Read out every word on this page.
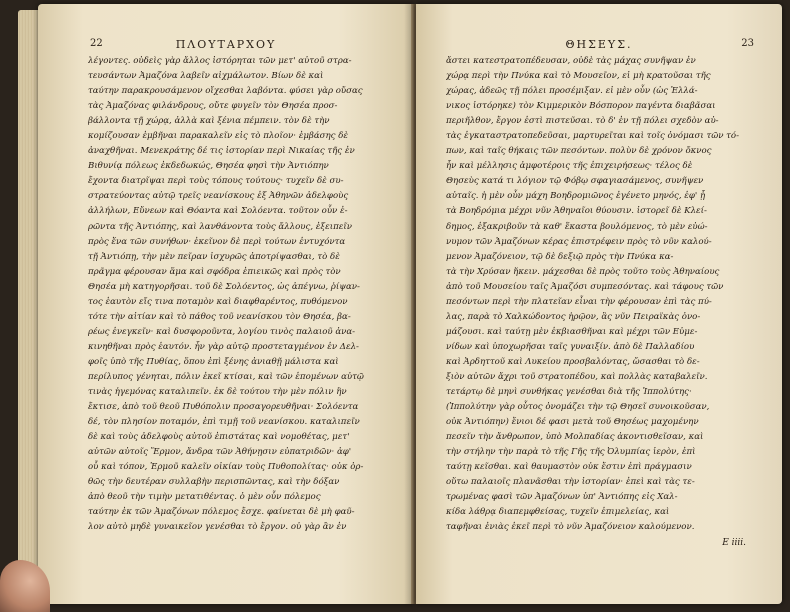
22	ΠΛΟΥΤΑΡΧΟΥ
λέγοντες. οὐδεὶς γὰρ ἄλλος ἱστόρηται τῶν μετ' αὐτοῦ στρα-
τευσάντων Ἀμαζόνα λαβεῖν αἰχμάλωτον. Βίων δὲ καὶ
ταύτην παρακρουσάμενον οἴχεσθαι λαβόντα. φύσει γὰρ οὔσας
τὰς Ἀμαζόνας φιλάνδρους, οὔτε φυγεῖν τὸν Θησέα προσ-
βάλλοντα τῇ χώρᾳ, ἀλλὰ καὶ ξένια πέμπειν. τὸν δὲ τὴν
κομίζουσαν ἐμβῆναι παρακαλεῖν εἰς τὸ πλοῖον· ἐμβάσης δὲ
ἀναχθῆναι. Μενεκράτης δέ τις ἱστορίαν περὶ Νικαίας τῆς ἐν
Βιθυνίᾳ πόλεως ἐκδεδωκώς, Θησέα φησὶ τὴν Ἀντιόπην
ἔχοντα διατρῖψαι περὶ τοὺς τόπους τούτους· τυχεῖν δὲ συ-
στρατεύοντας αὐτῷ τρεῖς νεανίσκους ἐξ Ἀθηνῶν ἀδελφοὺς
ἀλλήλων, Εὔνεων καὶ Θόαντα καὶ Σολόεντα. τοῦτον οὖν ἐ-
ρῶντα τῆς Ἀντιόπης, καὶ λανθάνοντα τοὺς ἄλλους, ἐξειπεῖν
πρὸς ἕνα τῶν συνήθων· ἐκεῖνον δὲ περὶ τούτων ἐντυχόντα
τῇ Ἀντιόπῃ, τὴν μὲν πεῖραν ἰσχυρῶς ἀποτρίψασθαι, τὸ δὲ
πρᾶγμα φέρουσαν ἅμα καὶ σφόδρα ἐπιεικῶς καὶ πρὸς τὸν
Θησέα μὴ κατηγορῆσαι. τοῦ δὲ Σολόεντος, ὡς ἀπέγνω, ῥίψαν-
τος ἑαυτὸν εἴς τινα ποταμὸν καὶ διαφθαρέντος, πυθόμενον
τότε τὴν αἰτίαν καὶ τὸ πάθος τοῦ νεανίσκου τὸν Θησέα, βα-
ρέως ἐνεγκεῖν· καὶ δυσφοροῦντα, λογίου τινὸς παλαιοῦ ἀνα-
κινηθῆναι πρὸς ἑαυτόν. ἦν γὰρ αὐτῷ προστεταγμένον ἐν Δελ-
φοῖς ὑπὸ τῆς Πυθίας, ὅπου ἐπὶ ξένης ἀνιαθῇ μάλιστα καὶ
περίλυπος γένηται, πόλιν ἐκεῖ κτίσαι, καὶ τῶν ἑπομένων αὐτῷ
τινὰς ἡγεμόνας καταλιπεῖν. ἐκ δὲ τούτου τὴν μὲν πόλιν ἣν
ἔκτισε, ἀπὸ τοῦ θεοῦ Πυθόπολιν προσαγορευθῆναι· Σολόεντα
δέ, τὸν πλησίον ποταμόν, ἐπὶ τιμῇ τοῦ νεανίσκου. καταλιπεῖν
δὲ καὶ τοὺς ἀδελφοὺς αὐτοῦ ἐπιστάτας καὶ νομοθέτας, μετ'
αὐτῶν αὐτοῖς Ἕρμον, ἄνδρα τῶν Ἀθήνῃσιν εὐπατριδῶν· ἀφ'
οὗ καὶ τόπον, Ἑρμοῦ καλεῖν οἰκίαν τοὺς Πυθοπολίτας· οὐκ ὀρ-
θῶς τὴν δευτέραν συλλαβὴν περισπῶντας, καὶ τὴν δόξαν
ἀπὸ θεοῦ τὴν τιμὴν μετατιθέντας. ὁ μὲν οὖν πόλεμος
ταύτην ἐκ τῶν Ἀμαζόνων πόλεμος ἔσχε. φαίνεται δὲ μὴ φαῦ-
λον αὐτὸ μηδὲ γυναικεῖον γενέσθαι τὸ ἔργον. οὐ γὰρ ἂν ἐν
ΘΗΣΕΥΣ.	23
ἄστει κατεστρατοπέδευσαν, οὐδὲ τὰς μάχας συνῆψαν ἐν
χώρᾳ περὶ τὴν Πνύκα καὶ τὸ Μουσεῖον, εἰ μὴ κρατοῦσαι τῆς
χώρας, ἀδεῶς τῇ πόλει προσέμιξαν. εἰ μὲν οὖν (ὡς Ἑλλά-
νικος ἱστόρηκε) τὸν Κιμμερικὸν Βόσπορον παγέντα διαβᾶσαι
περιῆλθον, ἔργον ἐστὶ πιστεῦσαι. τὸ δ' ἐν τῇ πόλει σχεδὸν αὐ-
τὰς ἐγκαταστρατοπεδεῦσαι, μαρτυρεῖται καὶ τοῖς ὀνόμασι τῶν τό-
πων, καὶ ταῖς θήκαις τῶν πεσόντων. πολὺν δὲ χρόνον ὄκνος
ἦν καὶ μέλλησις ἀμφοτέροις τῆς ἐπιχειρήσεως· τέλος δὲ
Θησεὺς κατά τι λόγιον τῷ Φόβῳ σφαγιασάμενος, συνῆψεν
αὐταῖς. ἡ μὲν οὖν μάχη Βοηδρομιῶνος ἐγένετο μηνός, ἐφ' ᾗ
τὰ Βοηδρόμια μέχρι νῦν Ἀθηναῖοι θύουσιν. ἱστορεῖ δὲ Κλεί-
δημος, ἐξακριβοῦν τὰ καθ' ἕκαστα βουλόμενος, τὸ μὲν εὐώ-
νυμον τῶν Ἀμαζόνων κέρας ἐπιστρέφειν πρὸς τὸ νῦν καλού-
μενον Ἀμαζόνειον, τῷ δὲ δεξιῷ πρὸς τὴν Πνύκα κα-
τὰ τὴν Χρύσαν ἥκειν. μάχεσθαι δὲ πρὸς τοῦτο τοὺς Ἀθηναίους
ἀπὸ τοῦ Μουσείου ταῖς Ἀμαζόσι συμπεσόντας. καὶ τάφους τῶν
πεσόντων περὶ τὴν πλατεῖαν εἶναι τὴν φέρουσαν ἐπὶ τὰς πύ-
λας, παρὰ τὸ Χαλκώδοντος ἡρῷον, ἃς νῦν Πειραϊκὰς ὀνο-
μάζουσι. καὶ ταύτῃ μὲν ἐκβιασθῆναι καὶ μέχρι τῶν Εὐμε-
νίδων καὶ ὑποχωρῆσαι ταῖς γυναιξίν. ἀπὸ δὲ Παλλαδίου
καὶ Ἀρδηττοῦ καὶ Λυκείου προσβαλόντας, ὤσασθαι τὸ δε-
ξιὸν αὐτῶν ἄχρι τοῦ στρατοπέδου, καὶ πολλὰς καταβαλεῖν.
τετάρτῳ δὲ μηνὶ συνθήκας γενέσθαι διὰ τῆς Ἱππολύτης·
(Ἱππολύτην γὰρ οὗτος ὀνομάζει τὴν τῷ Θησεῖ συνοικοῦσαν,
οὐκ Ἀντιόπην) ἔνιοι δέ φασι μετὰ τοῦ Θησέως μαχομένην
πεσεῖν τὴν ἄνθρωπον, ὑπὸ Μολπαδίας ἀκοντισθεῖσαν, καὶ
τὴν στήλην τὴν παρὰ τὸ τῆς Γῆς τῆς Ὀλυμπίας ἱερὸν, ἐπὶ
ταύτῃ κεῖσθαι. καὶ θαυμαστὸν οὐκ ἔστιν ἐπὶ πράγμασιν
οὕτω παλαιοῖς πλανᾶσθαι τὴν ἱστορίαν· ἐπεὶ καὶ τὰς τε-
τρωμένας φασὶ τῶν Ἀμαζόνων ὑπ' Ἀντιόπης εἰς Χαλ-
κίδα λάθρᾳ διαπεμφθείσας, τυχεῖν ἐπιμελείας, καὶ
ταφῆναι ἐνιὰς ἐκεῖ περὶ τὸ νῦν Ἀμαζόνειον καλούμενον.
E iiii.
